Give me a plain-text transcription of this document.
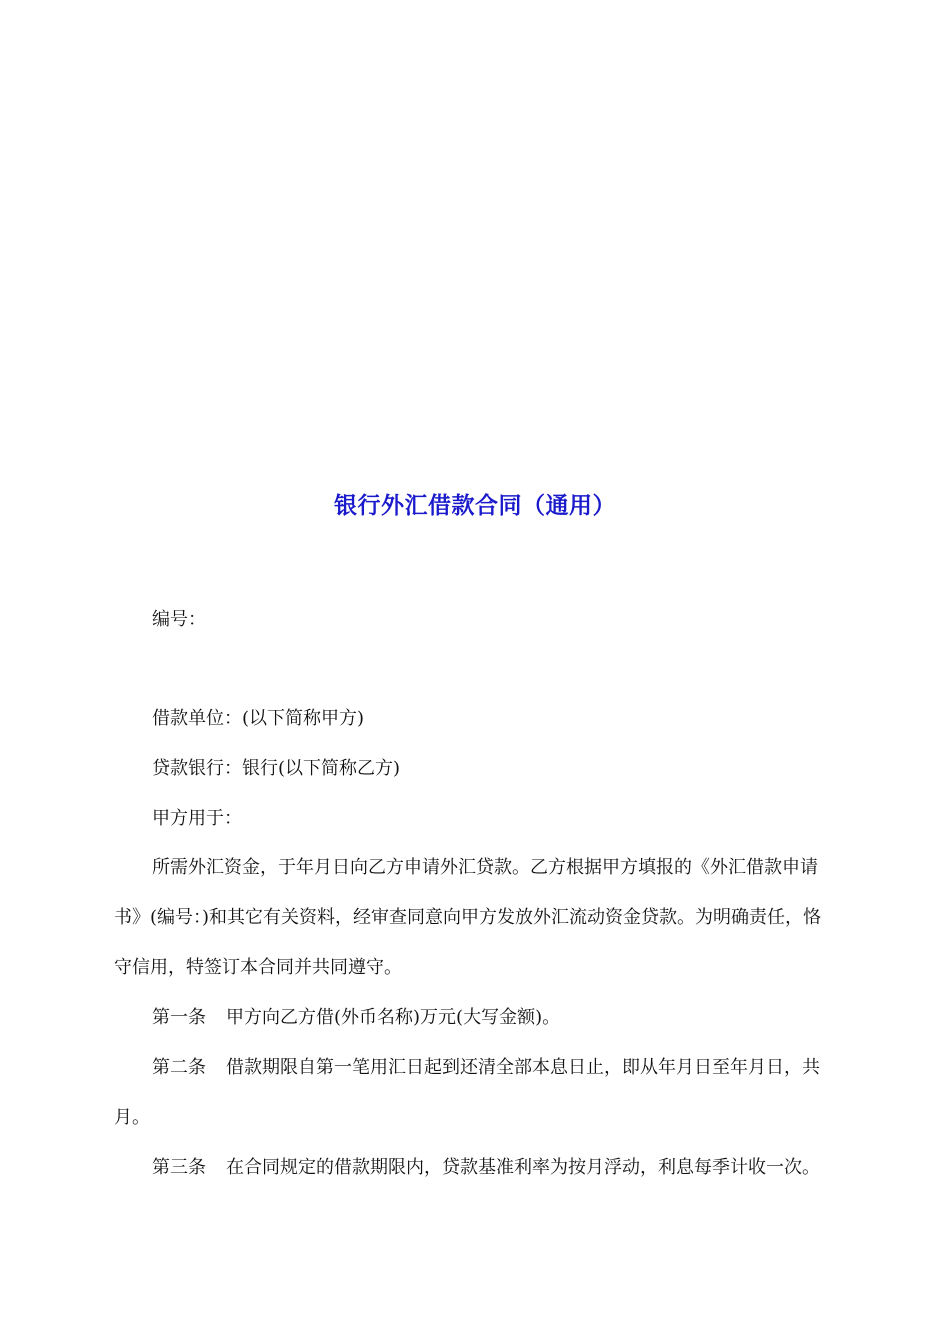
银行外汇借款合同（通用）

编号：

借款单位：(以下简称甲方)

贷款银行：银行(以下简称乙方)

甲方用于：

所需外汇资金，于年月日向乙方申请外汇贷款。乙方根据甲方填报的《外汇借款申请书》(编号：)和其它有关资料，经审查同意向甲方发放外汇流动资金贷款。为明确责任，恪守信用，特签订本合同并共同遵守。

第一条 甲方向乙方借(外币名称)万元(大写金额)。

第二条 借款期限自第一笔用汇日起到还清全部本息日止，即从年月日至年月日，共月。

第三条 在合同规定的借款期限内，贷款基准利率为按月浮动，利息每季计收一次。
